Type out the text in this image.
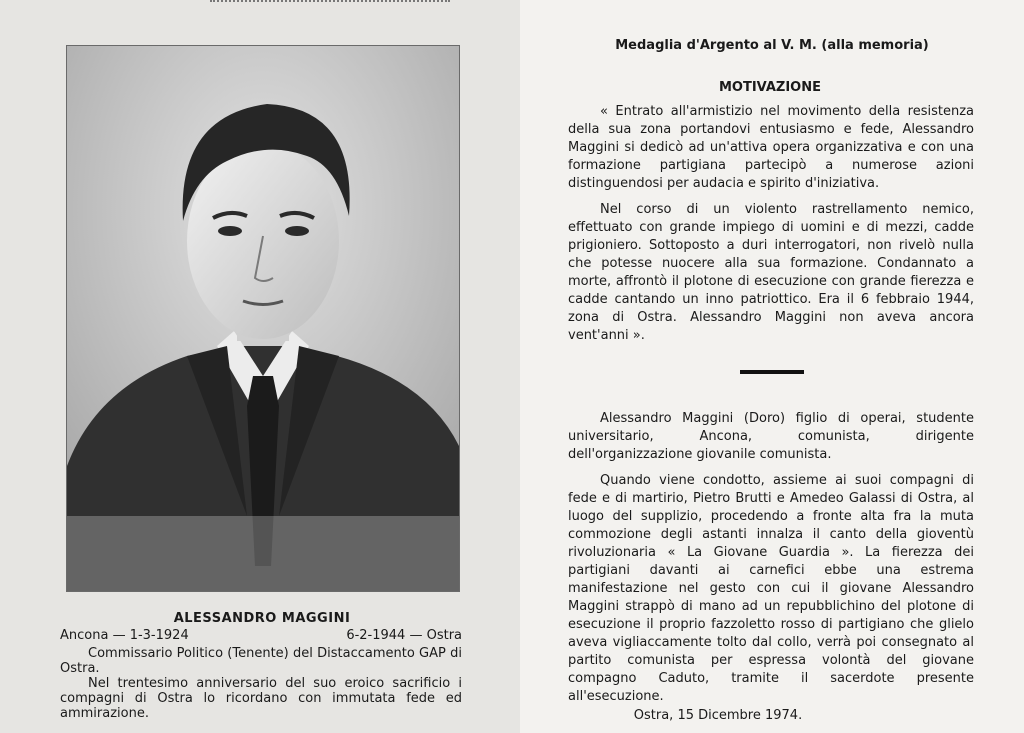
ALESSANDRO MAGGINI
Ancona — 1-3-1924	6-2-1944 — Ostra

Commissario Politico (Tenente) del Distaccamento GAP di Ostra.

Nel trentesimo anniversario del suo eroico sacrificio i compagni di Ostra lo ricordano con immutata fede ed ammirazione.

Medaglia d'Argento al V. M. (alla memoria)
MOTIVAZIONE

« Entrato all'armistizio nel movimento della resistenza della sua zona portandovi entusiasmo e fede, Alessandro Maggini si dedicò ad un'attiva opera organizzativa e con una formazione partigiana partecipò a numerose azioni distinguendosi per audacia e spirito d'iniziativa.

Nel corso di un violento rastrellamento nemico, effettuato con grande impiego di uomini e di mezzi, cadde prigioniero. Sottoposto a duri interrogatori, non rivelò nulla che potesse nuocere alla sua formazione. Condannato a morte, affrontò il plotone di esecuzione con grande fierezza e cadde cantando un inno patriottico. Era il 6 febbraio 1944, zona di Ostra. Alessandro Maggini non aveva ancora vent'anni ».

Alessandro Maggini (Doro) figlio di operai, studente universitario, Ancona, comunista, dirigente dell'organizzazione giovanile comunista.

Quando viene condotto, assieme ai suoi compagni di fede e di martirio, Pietro Brutti e Amedeo Galassi di Ostra, al luogo del supplizio, procedendo a fronte alta fra la muta commozione degli astanti innalza il canto della gioventù rivoluzionaria « La Giovane Guardia ». La fierezza dei partigiani davanti ai carnefici ebbe una estrema manifestazione nel gesto con cui il giovane Alessandro Maggini strappò di mano ad un repubblichino del plotone di esecuzione il proprio fazzoletto rosso di partigiano che glielo aveva vigliaccamente tolto dal collo, verrà poi consegnato al partito comunista per espressa volontà del giovane compagno Caduto, tramite il sacerdote presente all'esecuzione.

Ostra, 15 Dicembre 1974.
